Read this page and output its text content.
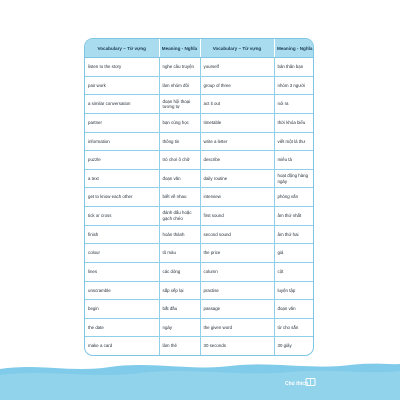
Vocabulary – Từ vựng	Meaning - Nghĩa	Vocabulary – Từ vựng	Meaning - Nghĩa
listen to the story	nghe câu truyện	yourself	bản thân bạn
pair work	làm nhóm đôi	group of three	nhóm 3 người
a similar conversation	đoạn hội thoại tương tự	act it out	nói ra
partner	bạn cùng học	timetable	thời khóa biểu
information	thông tin	write a letter	viết một lá thư
puzzle	trò chơi ô chữ	describe	miêu tả
a text	đoạn văn	daily routine	hoạt động hàng ngày
get to know each other	biết về nhau	interview	phỏng vấn
tick or cross	đánh dấu hoặc gạch chéo	first sound	âm thứ nhất
finish	hoàn thành	second sound	âm thứ hai
colour	tô màu	the price	giá
lines	các dòng	column	cột
unscramble	sắp xếp lại	practise	luyện tập
begin	bắt đầu	passage	đoạn văn
the date	ngày	the given word	từ cho sẵn
make a card	làm thẻ	30 seconds	30 giây
Chú thích
